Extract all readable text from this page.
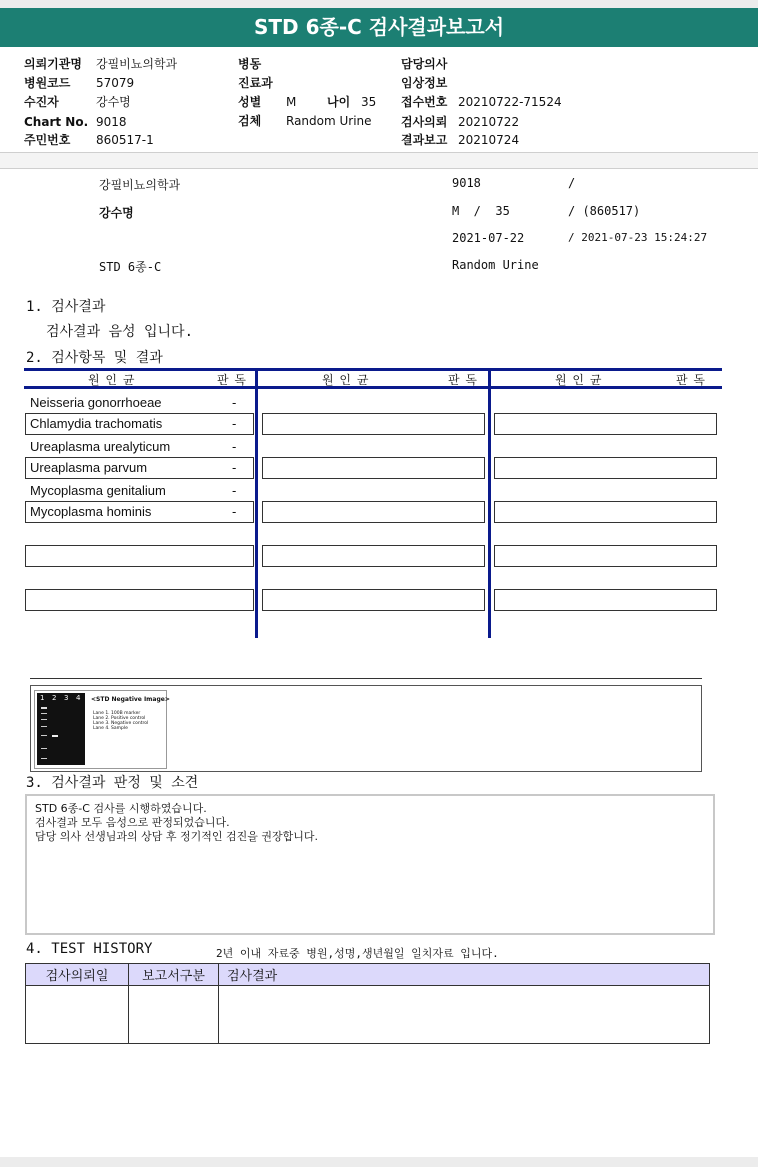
STD 6종-C 검사결과보고서
의뢰기관명 강필비뇨의학과
병원코드 57079
수진자	강수명
Chart No. 9018
주민번호 860517-1
병동
진료과
성별 M	나이 35
검체 Random Urine
담당의사
임상정보
접수번호 20210722-71524
검사의뢰 20210722
결과보고 20210724
강필비뇨의학과	9018	/
강수명	M  /  35	/ (860517)
2021-07-22	/ 2021-07-23 15:24:27
STD 6종-C	Random Urine
1. 검사결과
검사결과 음성 입니다.
2. 검사항목 및 결과
원 인 균	판 독	원 인 균	판 독	원 인 균	판 독
Neisseria gonorrhoeae	-
Chlamydia trachomatis	-
Ureaplasma urealyticum	-
Ureaplasma parvum	-
Mycoplasma genitalium	-
Mycoplasma hominis	-
1 2 3 4 <STD Negative Image>
Lane 1. 100B marker
Lane 2. Positive control
Lane 3. Negative control
Lane 4. Sample
3. 검사결과 판정 및 소견
STD 6종-C 검사를 시행하였습니다.
검사결과 모두 음성으로 판정되었습니다.
담당 의사 선생님과의 상담 후 정기적인 검진을 권장합니다.
4. TEST HISTORY	2년 이내 자료중 병원,성명,생년월일 일치자료 입니다.
검사의뢰일	보고서구분	검사결과
